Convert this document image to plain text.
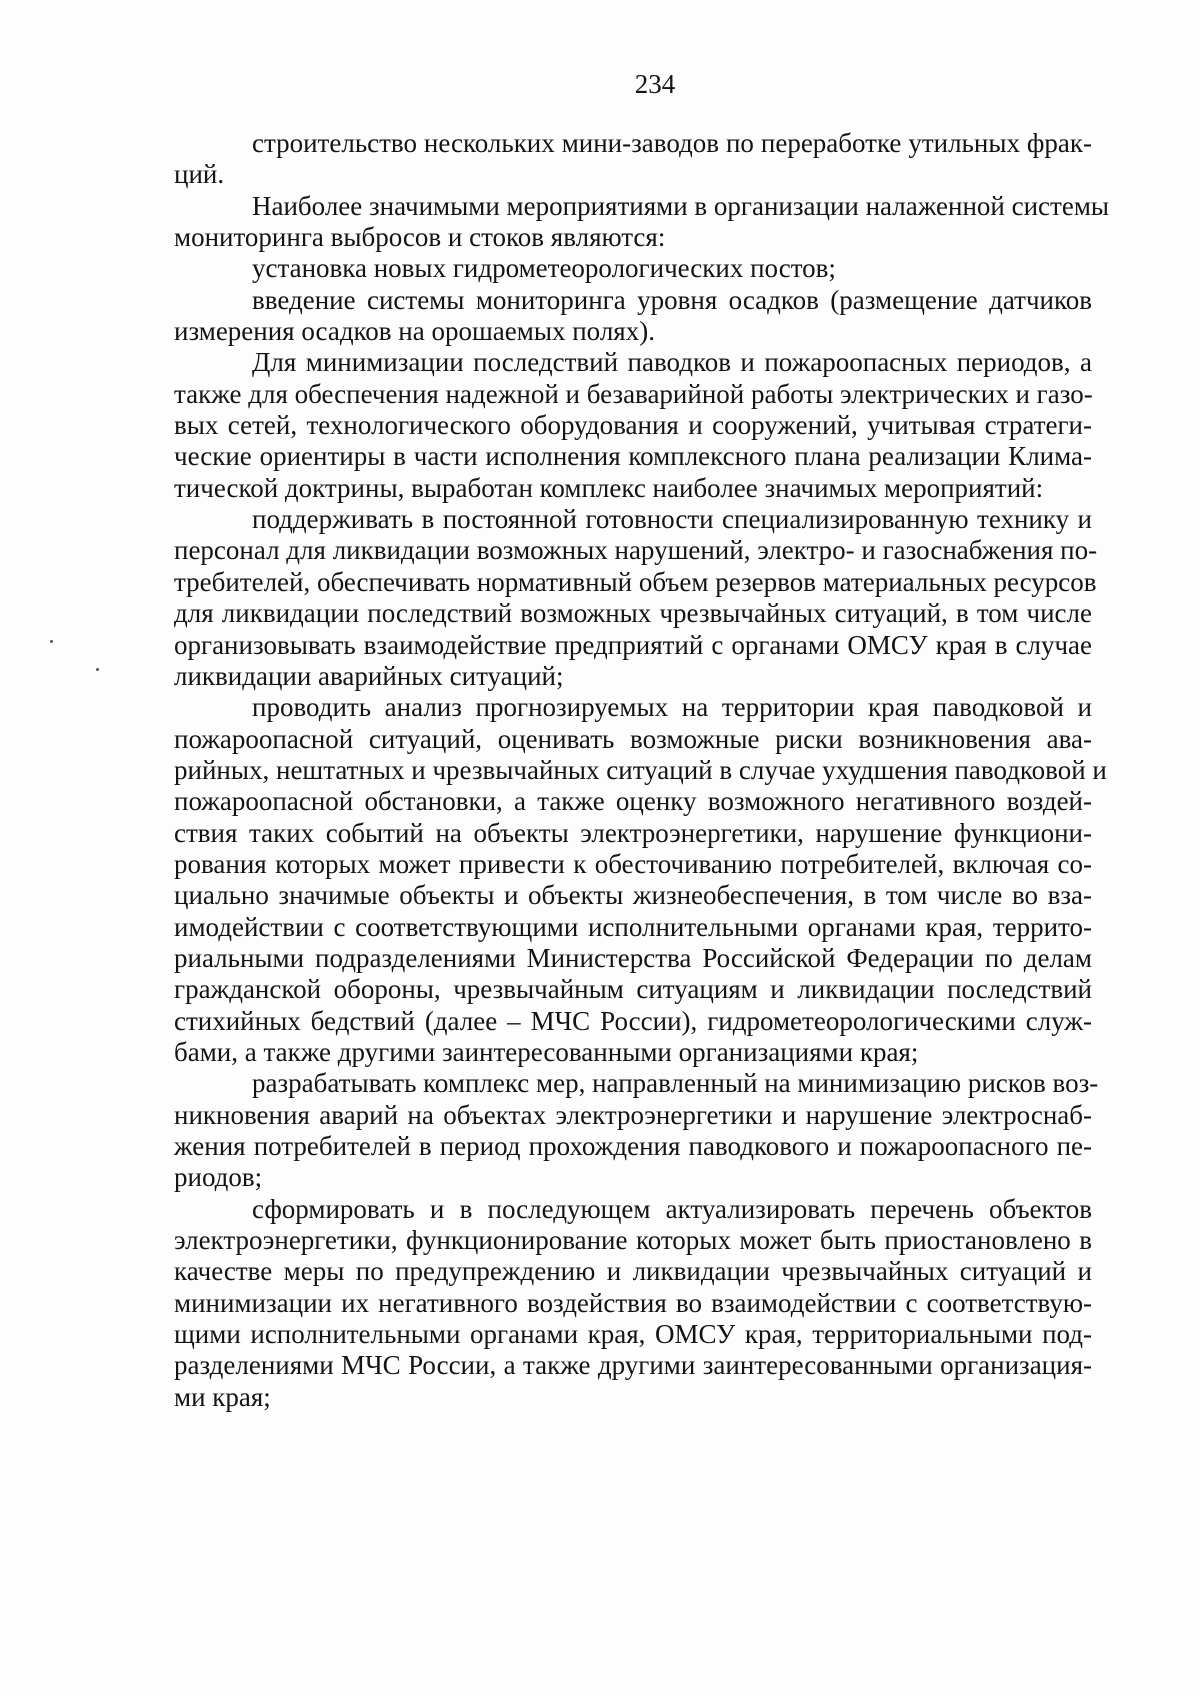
234
строительство нескольких мини-заводов по переработке утильных фрак-
ций.
Наиболее значимыми мероприятиями в организации налаженной системы
мониторинга выбросов и стоков являются:
установка новых гидрометеорологических постов;
введение системы мониторинга уровня осадков (размещение датчиков
измерения осадков на орошаемых полях).
Для минимизации последствий паводков и пожароопасных периодов, а
также для обеспечения надежной и безаварийной работы электрических и газо-
вых сетей, технологического оборудования и сооружений, учитывая стратеги-
ческие ориентиры в части исполнения комплексного плана реализации Клима-
тической доктрины, выработан комплекс наиболее значимых мероприятий:
поддерживать в постоянной готовности специализированную технику и
персонал для ликвидации возможных нарушений, электро- и газоснабжения по-
требителей, обеспечивать нормативный объем резервов материальных ресурсов
для ликвидации последствий возможных чрезвычайных ситуаций, в том числе
организовывать взаимодействие предприятий с органами ОМСУ края в случае
ликвидации аварийных ситуаций;
проводить анализ прогнозируемых на территории края паводковой и
пожароопасной ситуаций, оценивать возможные риски возникновения ава-
рийных, нештатных и чрезвычайных ситуаций в случае ухудшения паводковой и
пожароопасной обстановки, а также оценку возможного негативного воздей-
ствия таких событий на объекты электроэнергетики, нарушение функциони-
рования которых может привести к обесточиванию потребителей, включая со-
циально значимые объекты и объекты жизнеобеспечения, в том числе во вза-
имодействии с соответствующими исполнительными органами края, террито-
риальными подразделениями Министерства Российской Федерации по делам
гражданской обороны, чрезвычайным ситуациям и ликвидации последствий
стихийных бедствий (далее – МЧС России), гидрометеорологическими служ-
бами, а также другими заинтересованными организациями края;
разрабатывать комплекс мер, направленный на минимизацию рисков воз-
никновения аварий на объектах электроэнергетики и нарушение электроснаб-
жения потребителей в период прохождения паводкового и пожароопасного пе-
риодов;
сформировать и в последующем актуализировать перечень объектов
электроэнергетики, функционирование которых может быть приостановлено в
качестве меры по предупреждению и ликвидации чрезвычайных ситуаций и
минимизации их негативного воздействия во взаимодействии с соответствую-
щими исполнительными органами края, ОМСУ края, территориальными под-
разделениями МЧС России, а также другими заинтересованными организация-
ми края;
